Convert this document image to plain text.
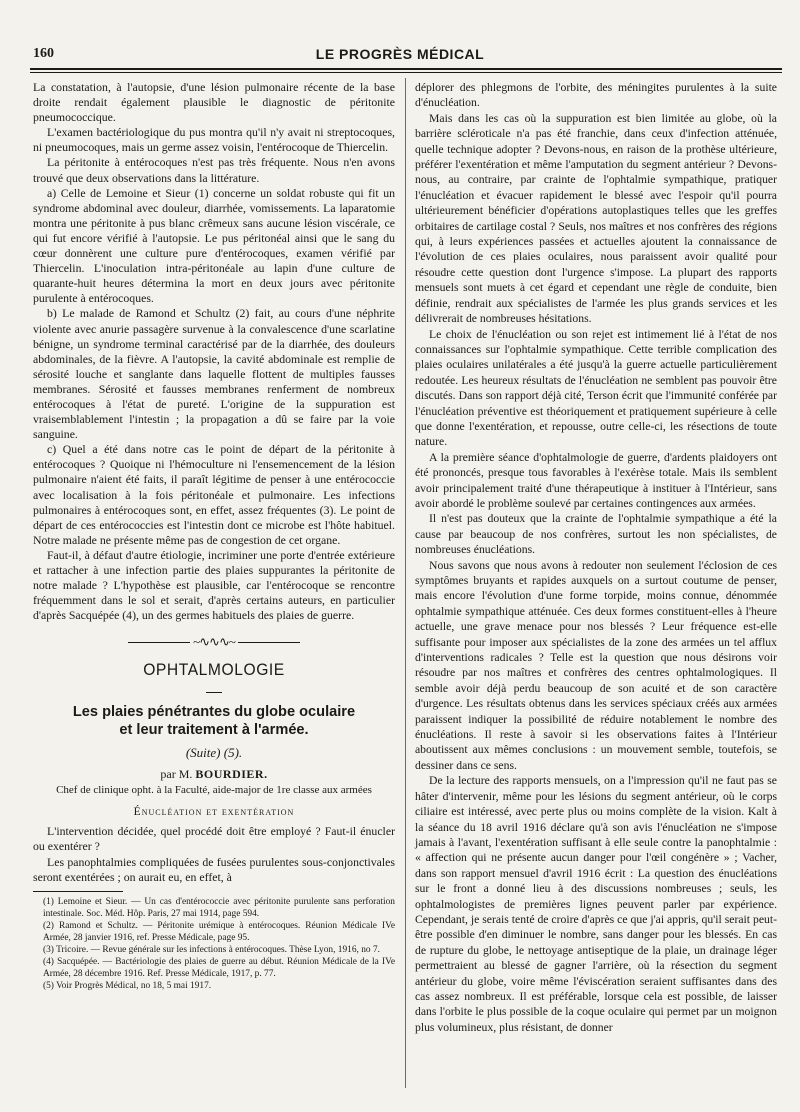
160	LE PROGRÈS MÉDICAL

La constatation, à l'autopsie, d'une lésion pulmonaire récente de la base droite rendait également plausible le diagnostic de péritonite pneumococcique.

L'examen bactériologique du pus montra qu'il n'y avait ni streptocoques, ni pneumocoques, mais un germe assez voisin, l'entérocoque de Thiercelin.

La péritonite à entérocoques n'est pas très fréquente. Nous n'en avons trouvé que deux observations dans la littérature.

a) Celle de Lemoine et Sieur (1) concerne un soldat robuste qui fit un syndrome abdominal avec douleur, diarrhée, vomissements. La laparatomie montra une péritonite à pus blanc crêmeux sans aucune lésion viscérale, ce qui fut encore vérifié à l'autopsie. Le pus péritonéal ainsi que le sang du cœur donnèrent une culture pure d'entérocoques, examen vérifié par Thiercelin. L'inoculation intra-péritonéale au lapin d'une culture de quarante-huit heures détermina la mort en deux jours avec péritonite purulente à entérocoques.

b) Le malade de Ramond et Schultz (2) fait, au cours d'une néphrite violente avec anurie passagère survenue à la convalescence d'une scarlatine bénigne, un syndrome terminal caractérisé par de la diarrhée, des douleurs abdominales, de la fièvre. A l'autopsie, la cavité abdominale est remplie de sérosité louche et sanglante dans laquelle flottent de multiples fausses membranes. Sérosité et fausses membranes renferment de nombreux entérocoques à l'état de pureté. L'origine de la suppuration est vraisemblablement l'intestin ; la propagation a dû se faire par la voie sanguine.

c) Quel a été dans notre cas le point de départ de la péritonite à entérocoques ? Quoique ni l'hémoculture ni l'ensemencement de la lésion pulmonaire n'aient été faits, il paraît légitime de penser à une entérococcie avec localisation à la fois péritonéale et pulmonaire. Les infections pulmonaires à entérocoques sont, en effet, assez fréquentes (3). Le point de départ de ces entérococcies est l'intestin dont ce microbe est l'hôte habituel. Notre malade ne présente même pas de congestion de cet organe.

Faut-il, à défaut d'autre étiologie, incriminer une porte d'entrée extérieure et rattacher à une infection partie des plaies suppurantes la péritonite de notre malade ? L'hypothèse est plausible, car l'entérocoque se rencontre fréquemment dans le sol et serait, d'après certains auteurs, en particulier d'après Sacquépée (4), un des germes habituels des plaies de guerre.

~∿∿∿~
OPHTALMOLOGIE
Les plaies pénétrantes du globe oculaire
et leur traitement à l'armée.
(Suite) (5).
par M. BOURDIER.
Chef de clinique opht. à la Faculté, aide-major de 1re classe aux armées
Énucléation et exentération

L'intervention décidée, quel procédé doit être employé ? Faut-il énucler ou exentérer ?

Les panophtalmies compliquées de fusées purulentes sous-conjonctivales seront exentérées ; on aurait eu, en effet, à

(1) Lemoine et Sieur. — Un cas d'entérococcie avec péritonite purulente sans perforation intestinale. Soc. Méd. Hôp. Paris, 27 mai 1914, page 594.

(2) Ramond et Schultz. — Péritonite urémique à entérocoques. Réunion Médicale IVe Armée, 28 janvier 1916, ref. Presse Médicale, page 95.

(3) Tricoire. — Revue générale sur les infections à entérocoques. Thèse Lyon, 1916, no 7.

(4) Sacquépée. — Bactériologie des plaies de guerre au début. Réunion Médicale de la IVe Armée, 28 décembre 1916. Ref. Presse Médicale, 1917, p. 77.

(5) Voir Progrès Médical, no 18, 5 mai 1917.

déplorer des phlegmons de l'orbite, des méningites purulentes à la suite d'énucléation.

Mais dans les cas où la suppuration est bien limitée au globe, où la barrière scléroticale n'a pas été franchie, dans ceux d'infection atténuée, quelle technique adopter ? Devons-nous, en raison de la prothèse ultérieure, préférer l'exentération et même l'amputation du segment antérieur ? Devons-nous, au contraire, par crainte de l'ophtalmie sympathique, pratiquer l'énucléation et évacuer rapidement le blessé avec l'espoir qu'il pourra ultérieurement bénéficier d'opérations autoplastiques telles que les greffes orbitaires de cartilage costal ? Seuls, nos maîtres et nos confrères des régions qui, à leurs expériences passées et actuelles ajoutent la connaissance de l'évolution de ces plaies oculaires, nous paraissent avoir qualité pour résoudre cette question dont l'urgence s'impose. La plupart des rapports mensuels sont muets à cet égard et cependant une règle de conduite, bien définie, rendrait aux spécialistes de l'armée les plus grands services et les délivrerait de nombreuses hésitations.

Le choix de l'énucléation ou son rejet est intimement lié à l'état de nos connaissances sur l'ophtalmie sympathique. Cette terrible complication des plaies oculaires unilatérales a été jusqu'à la guerre actuelle particulièrement redoutée. Les heureux résultats de l'énucléation ne semblent pas pouvoir être discutés. Dans son rapport déjà cité, Terson écrit que l'immunité conférée par l'énucléation préventive est théoriquement et pratiquement supérieure à celle que donne l'exentération, et repousse, outre celle-ci, les résections de toute nature.

A la première séance d'ophtalmologie de guerre, d'ardents plaidoyers ont été prononcés, presque tous favorables à l'exérèse totale. Mais ils semblent avoir principalement traité d'une thérapeutique à instituer à l'Intérieur, sans avoir abordé le problème soulevé par certaines contingences aux armées.

Il n'est pas douteux que la crainte de l'ophtalmie sympathique a été la cause par beaucoup de nos confrères, surtout les non spécialistes, de nombreuses énucléations.

Nous savons que nous avons à redouter non seulement l'éclosion de ces symptômes bruyants et rapides auxquels on a surtout coutume de penser, mais encore l'évolution d'une forme torpide, moins connue, dénommée ophtalmie sympathique atténuée. Ces deux formes constituent-elles à l'heure actuelle, une grave menace pour nos blessés ? Leur fréquence est-elle suffisante pour imposer aux spécialistes de la zone des armées un tel afflux d'interventions radicales ? Telle est la question que nous désirons voir résoudre par nos maîtres et confrères des centres ophtalmologiques. Il semble avoir déjà perdu beaucoup de son acuité et de son caractère d'urgence. Les résultats obtenus dans les services spéciaux créés aux armées paraissent indiquer la possibilité de réduire notablement le nombre des énucléations. Il reste à savoir si les observations faites à l'Intérieur aboutissent aux mêmes conclusions : un mouvement semble, toutefois, se dessiner dans ce sens.

De la lecture des rapports mensuels, on a l'impression qu'il ne faut pas se hâter d'intervenir, même pour les lésions du segment antérieur, où le corps ciliaire est intéressé, avec perte plus ou moins complète de la vision. Kalt à la séance du 18 avril 1916 déclare qu'à son avis l'énucléation ne s'impose jamais à l'avant, l'exentération suffisant à elle seule contre la panophtalmie : « affection qui ne présente aucun danger pour l'œil congénère » ; Vacher, dans son rapport mensuel d'avril 1916 écrit : La question des énucléations sur le front a donné lieu à des discussions nombreuses ; seuls, les ophtalmologistes de premières lignes peuvent parler par expérience. Cependant, je serais tenté de croire d'après ce que j'ai appris, qu'il serait peut-être possible d'en diminuer le nombre, sans danger pour les blessés. En cas de rupture du globe, le nettoyage antiseptique de la plaie, un drainage léger permettraient au blessé de gagner l'arrière, où la résection du segment antérieur du globe, voire même l'éviscération seraient suffisantes dans des cas assez nombreux. Il est préférable, lorsque cela est possible, de laisser dans l'orbite le plus possible de la coque oculaire qui permet par un moignon plus volumineux, plus résistant, de donner
